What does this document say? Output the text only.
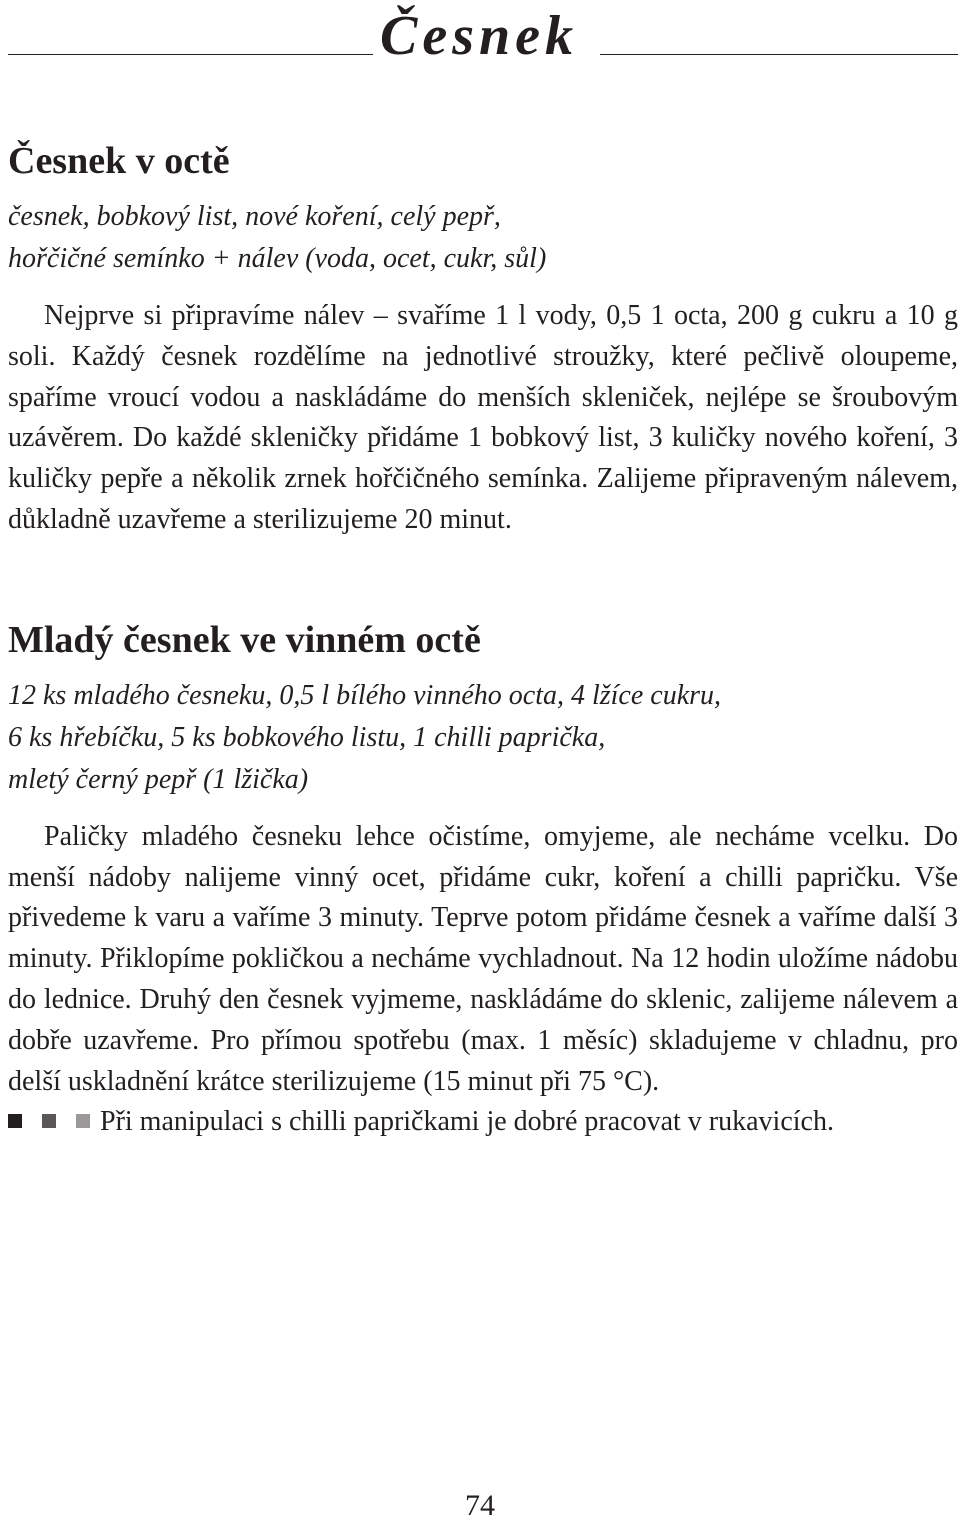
Česnek
Česnek v octě
česnek, bobkový list, nové koření, celý pepř,
hořčičné semínko + nálev (voda, ocet, cukr, sůl)

Nejprve si připravíme nálev – svaříme 1 l vody, 0,5 1 octa, 200 g cukru a 10 g soli. Každý česnek rozdělíme na jednotlivé stroužky, které pečlivě oloupeme, spaříme vroucí vodou a naskládáme do menších skleniček, nejlépe se šroubovým uzávěrem. Do každé skleničky přidáme 1 bobkový list, 3 kuličky nového koření, 3 kuličky pepře a několik zrnek hořčičného semínka. Zalijeme připraveným nálevem, důkladně uzavřeme a sterilizujeme 20 minut.

Mladý česnek ve vinném octě
12 ks mladého česneku, 0,5 l bílého vinného octa, 4 lžíce cukru,
6 ks hřebíčku, 5 ks bobkového listu, 1 chilli paprička,
mletý černý pepř (1 lžička)

Paličky mladého česneku lehce očistíme, omyjeme, ale necháme vcelku. Do menší nádoby nalijeme vinný ocet, přidáme cukr, koření a chilli papričku. Vše přivedeme k varu a vaříme 3 minuty. Teprve potom přidáme česnek a vaříme další 3 minuty. Přiklopíme pokličkou a necháme vychladnout. Na 12 hodin uložíme nádobu do lednice. Druhý den česnek vyjmeme, naskládáme do sklenic, zalijeme nálevem a dobře uzavřeme. Pro přímou spotřebu (max. 1 měsíc) skladujeme v chladnu, pro delší uskladnění krátce sterilizujeme (15 minut při 75 °C).

Při manipulaci s chilli papričkami je dobré pracovat v rukavicích.

74
